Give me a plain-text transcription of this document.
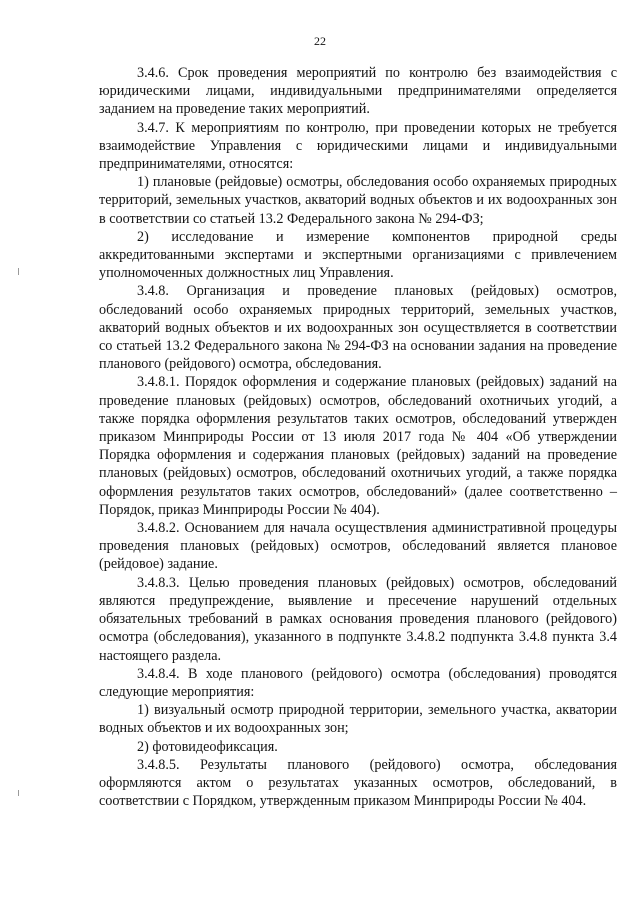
22

3.4.6. Срок проведения мероприятий по контролю без взаимодействия с юридическими лицами, индивидуальными предпринимателями определяется заданием на проведение таких мероприятий.

3.4.7. К мероприятиям по контролю, при проведении которых не требуется взаимодействие Управления с юридическими лицами и индивидуальными предпринимателями, относятся:

1) плановые (рейдовые) осмотры, обследования особо охраняемых природных территорий, земельных участков, акваторий водных объектов и их водоохранных зон в соответствии со статьей 13.2 Федерального закона № 294-ФЗ;

2) исследование и измерение компонентов природной среды аккредитованными экспертами и экспертными организациями с привлечением уполномоченных должностных лиц Управления.

3.4.8. Организация и проведение плановых (рейдовых) осмотров, обследований особо охраняемых природных территорий, земельных участков, акваторий водных объектов и их водоохранных зон осуществляется в соответствии со статьей 13.2 Федерального закона № 294-ФЗ на основании задания на проведение планового (рейдового) осмотра, обследования.

3.4.8.1. Порядок оформления и содержание плановых (рейдовых) заданий на проведение плановых (рейдовых) осмотров, обследований охотничьих угодий, а также порядка оформления результатов таких осмотров, обследований утвержден приказом Минприроды России от 13 июля 2017 года № 404 «Об утверждении Порядка оформления и содержания плановых (рейдовых) заданий на проведение плановых (рейдовых) осмотров, обследований охотничьих угодий, а также порядка оформления результатов таких осмотров, обследований» (далее соответственно – Порядок, приказ Минприроды России № 404).

3.4.8.2. Основанием для начала осуществления административной процедуры проведения плановых (рейдовых) осмотров, обследований является плановое (рейдовое) задание.

3.4.8.3. Целью проведения плановых (рейдовых) осмотров, обследований являются предупреждение, выявление и пресечение нарушений отдельных обязательных требований в рамках основания проведения планового (рейдового) осмотра (обследования), указанного в подпункте 3.4.8.2 подпункта 3.4.8 пункта 3.4 настоящего раздела.

3.4.8.4. В ходе планового (рейдового) осмотра (обследования) проводятся следующие мероприятия:

1) визуальный осмотр природной территории, земельного участка, акватории водных объектов и их водоохранных зон;

2) фотовидеофиксация.

3.4.8.5. Результаты планового (рейдового) осмотра, обследования оформляются актом о результатах указанных осмотров, обследований, в соответствии с Порядком, утвержденным приказом Минприроды России № 404.
